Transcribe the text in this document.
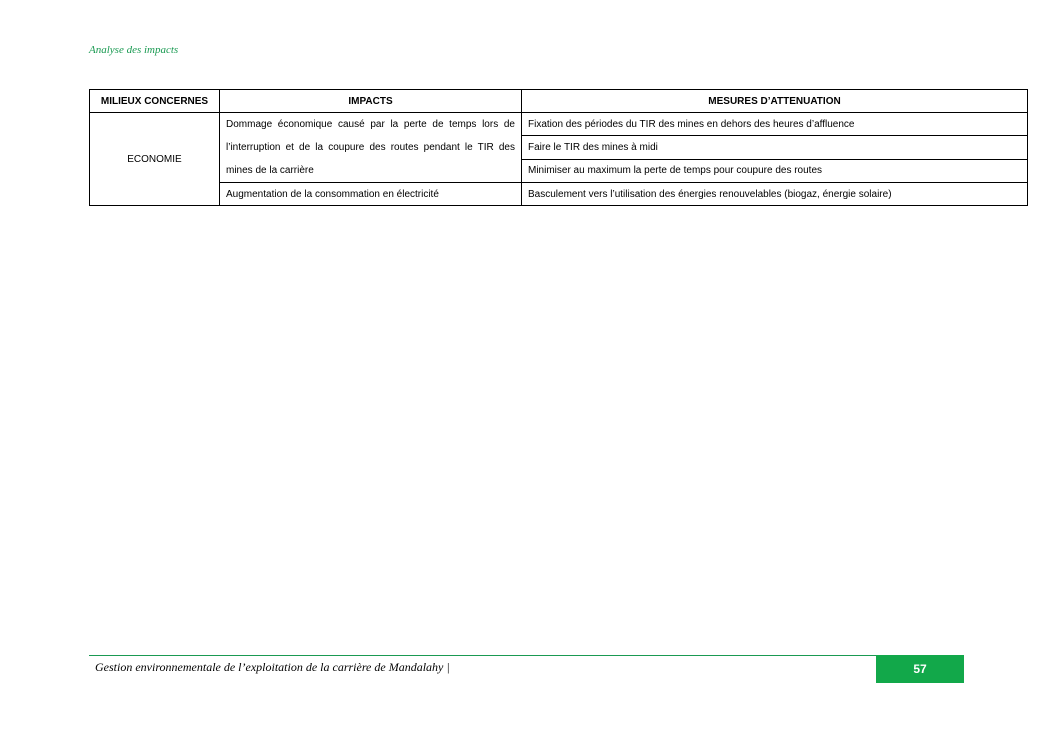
Analyse des impacts
MILIEUX CONCERNES	IMPACTS	MESURES D’ATTENUATION
ECONOMIE	Dommage économique causé par la perte de temps lors de l’interruption et de la coupure des routes pendant le TIR des mines de la carrière	Fixation des périodes du TIR des mines en dehors des heures d’affluence
		Faire le TIR des mines à midi
		Minimiser au maximum la perte de temps pour coupure des routes
	Augmentation de la consommation en électricité	Basculement vers l’utilisation des énergies renouvelables (biogaz, énergie solaire)
Gestion environnementale de l’exploitation de la carrière de Mandalahy |	57
